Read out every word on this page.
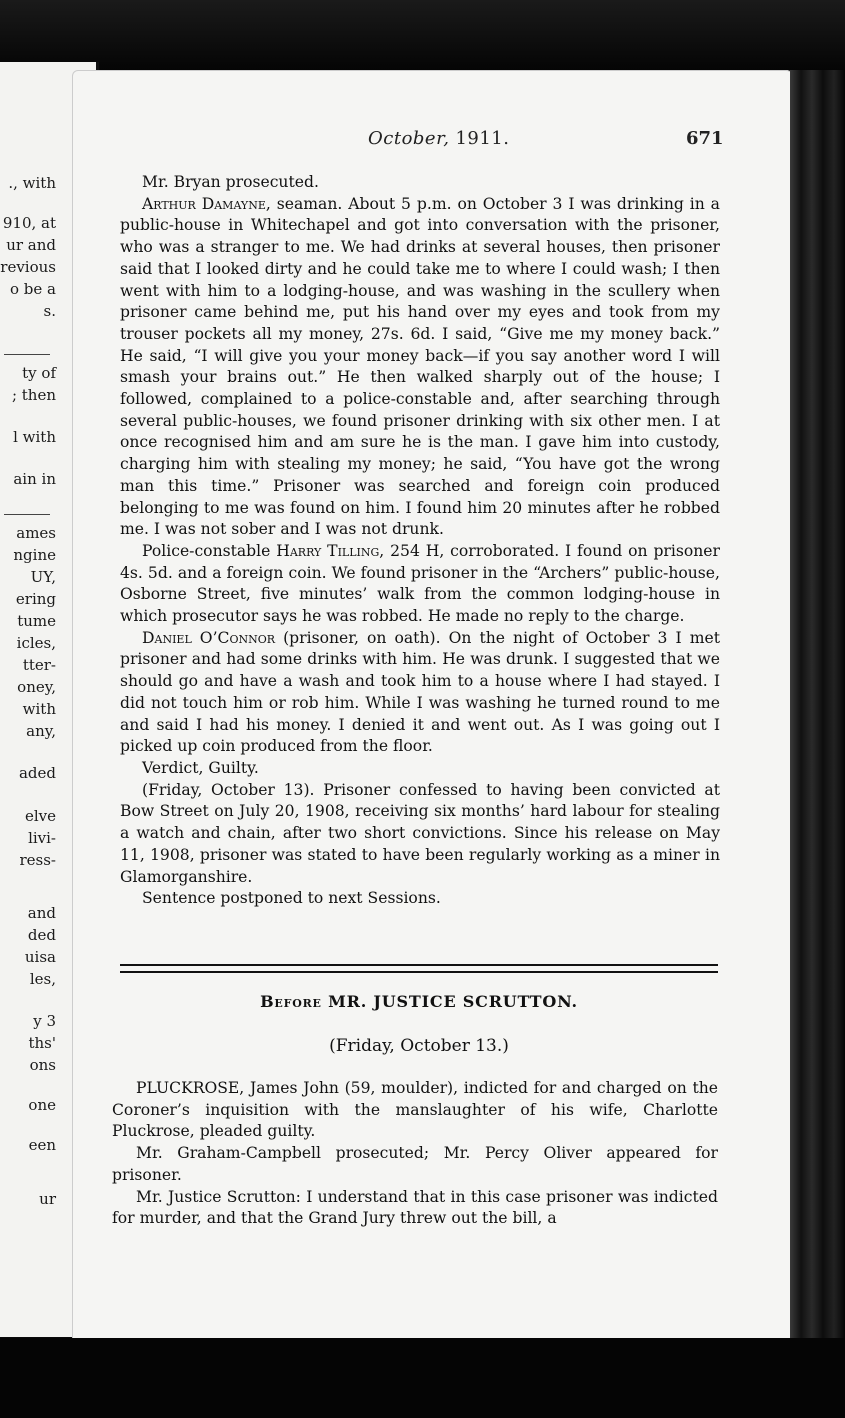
., with
910, at
ur and
revious
o be a
s.
ty of
; then
l with
ain in
ames
ngine
UY,
ering
tume
icles,
tter-
oney,
with
any,
aded
elve
livi-
ress-
and
ded
uisa
les,
y 3
ths'
ons
one
een
ur
October, 1911.	671

Mr. Bryan prosecuted.

Arthur Damayne, seaman. About 5 p.m. on October 3 I was drinking in a public-house in Whitechapel and got into conversation with the prisoner, who was a stranger to me. We had drinks at several houses, then prisoner said that I looked dirty and he could take me to where I could wash; I then went with him to a lodging-house, and was washing in the scullery when prisoner came behind me, put his hand over my eyes and took from my trouser pockets all my money, 27s. 6d. I said, “Give me my money back.” He said, “I will give you your money back—if you say another word I will smash your brains out.” He then walked sharply out of the house; I followed, complained to a police-constable and, after searching through several public-houses, we found prisoner drinking with six other men. I at once recognised him and am sure he is the man. I gave him into custody, charging him with stealing my money; he said, “You have got the wrong man this time.” Prisoner was searched and foreign coin produced belonging to me was found on him. I found him 20 minutes after he robbed me. I was not sober and I was not drunk.

Police-constable Harry Tilling, 254 H, corroborated. I found on prisoner 4s. 5d. and a foreign coin. We found prisoner in the “Archers” public-house, Osborne Street, five minutes’ walk from the common lodging-house in which prosecutor says he was robbed. He made no reply to the charge.

Daniel O’Connor (prisoner, on oath). On the night of October 3 I met prisoner and had some drinks with him. He was drunk. I suggested that we should go and have a wash and took him to a house where I had stayed. I did not touch him or rob him. While I was washing he turned round to me and said I had his money. I denied it and went out. As I was going out I picked up coin produced from the floor.

Verdict, Guilty.

(Friday, October 13). Prisoner confessed to having been convicted at Bow Street on July 20, 1908, receiving six months’ hard labour for stealing a watch and chain, after two short convictions. Since his release on May 11, 1908, prisoner was stated to have been regularly working as a miner in Glamorganshire.

Sentence postponed to next Sessions.

Before MR. JUSTICE SCRUTTON.
(Friday, October 13.)

PLUCKROSE, James John (59, moulder), indicted for and charged on the Coroner’s inquisition with the manslaughter of his wife, Charlotte Pluckrose, pleaded guilty.

Mr. Graham-Campbell prosecuted; Mr. Percy Oliver appeared for prisoner.

Mr. Justice Scrutton: I understand that in this case prisoner was indicted for murder, and that the Grand Jury threw out the bill, a
